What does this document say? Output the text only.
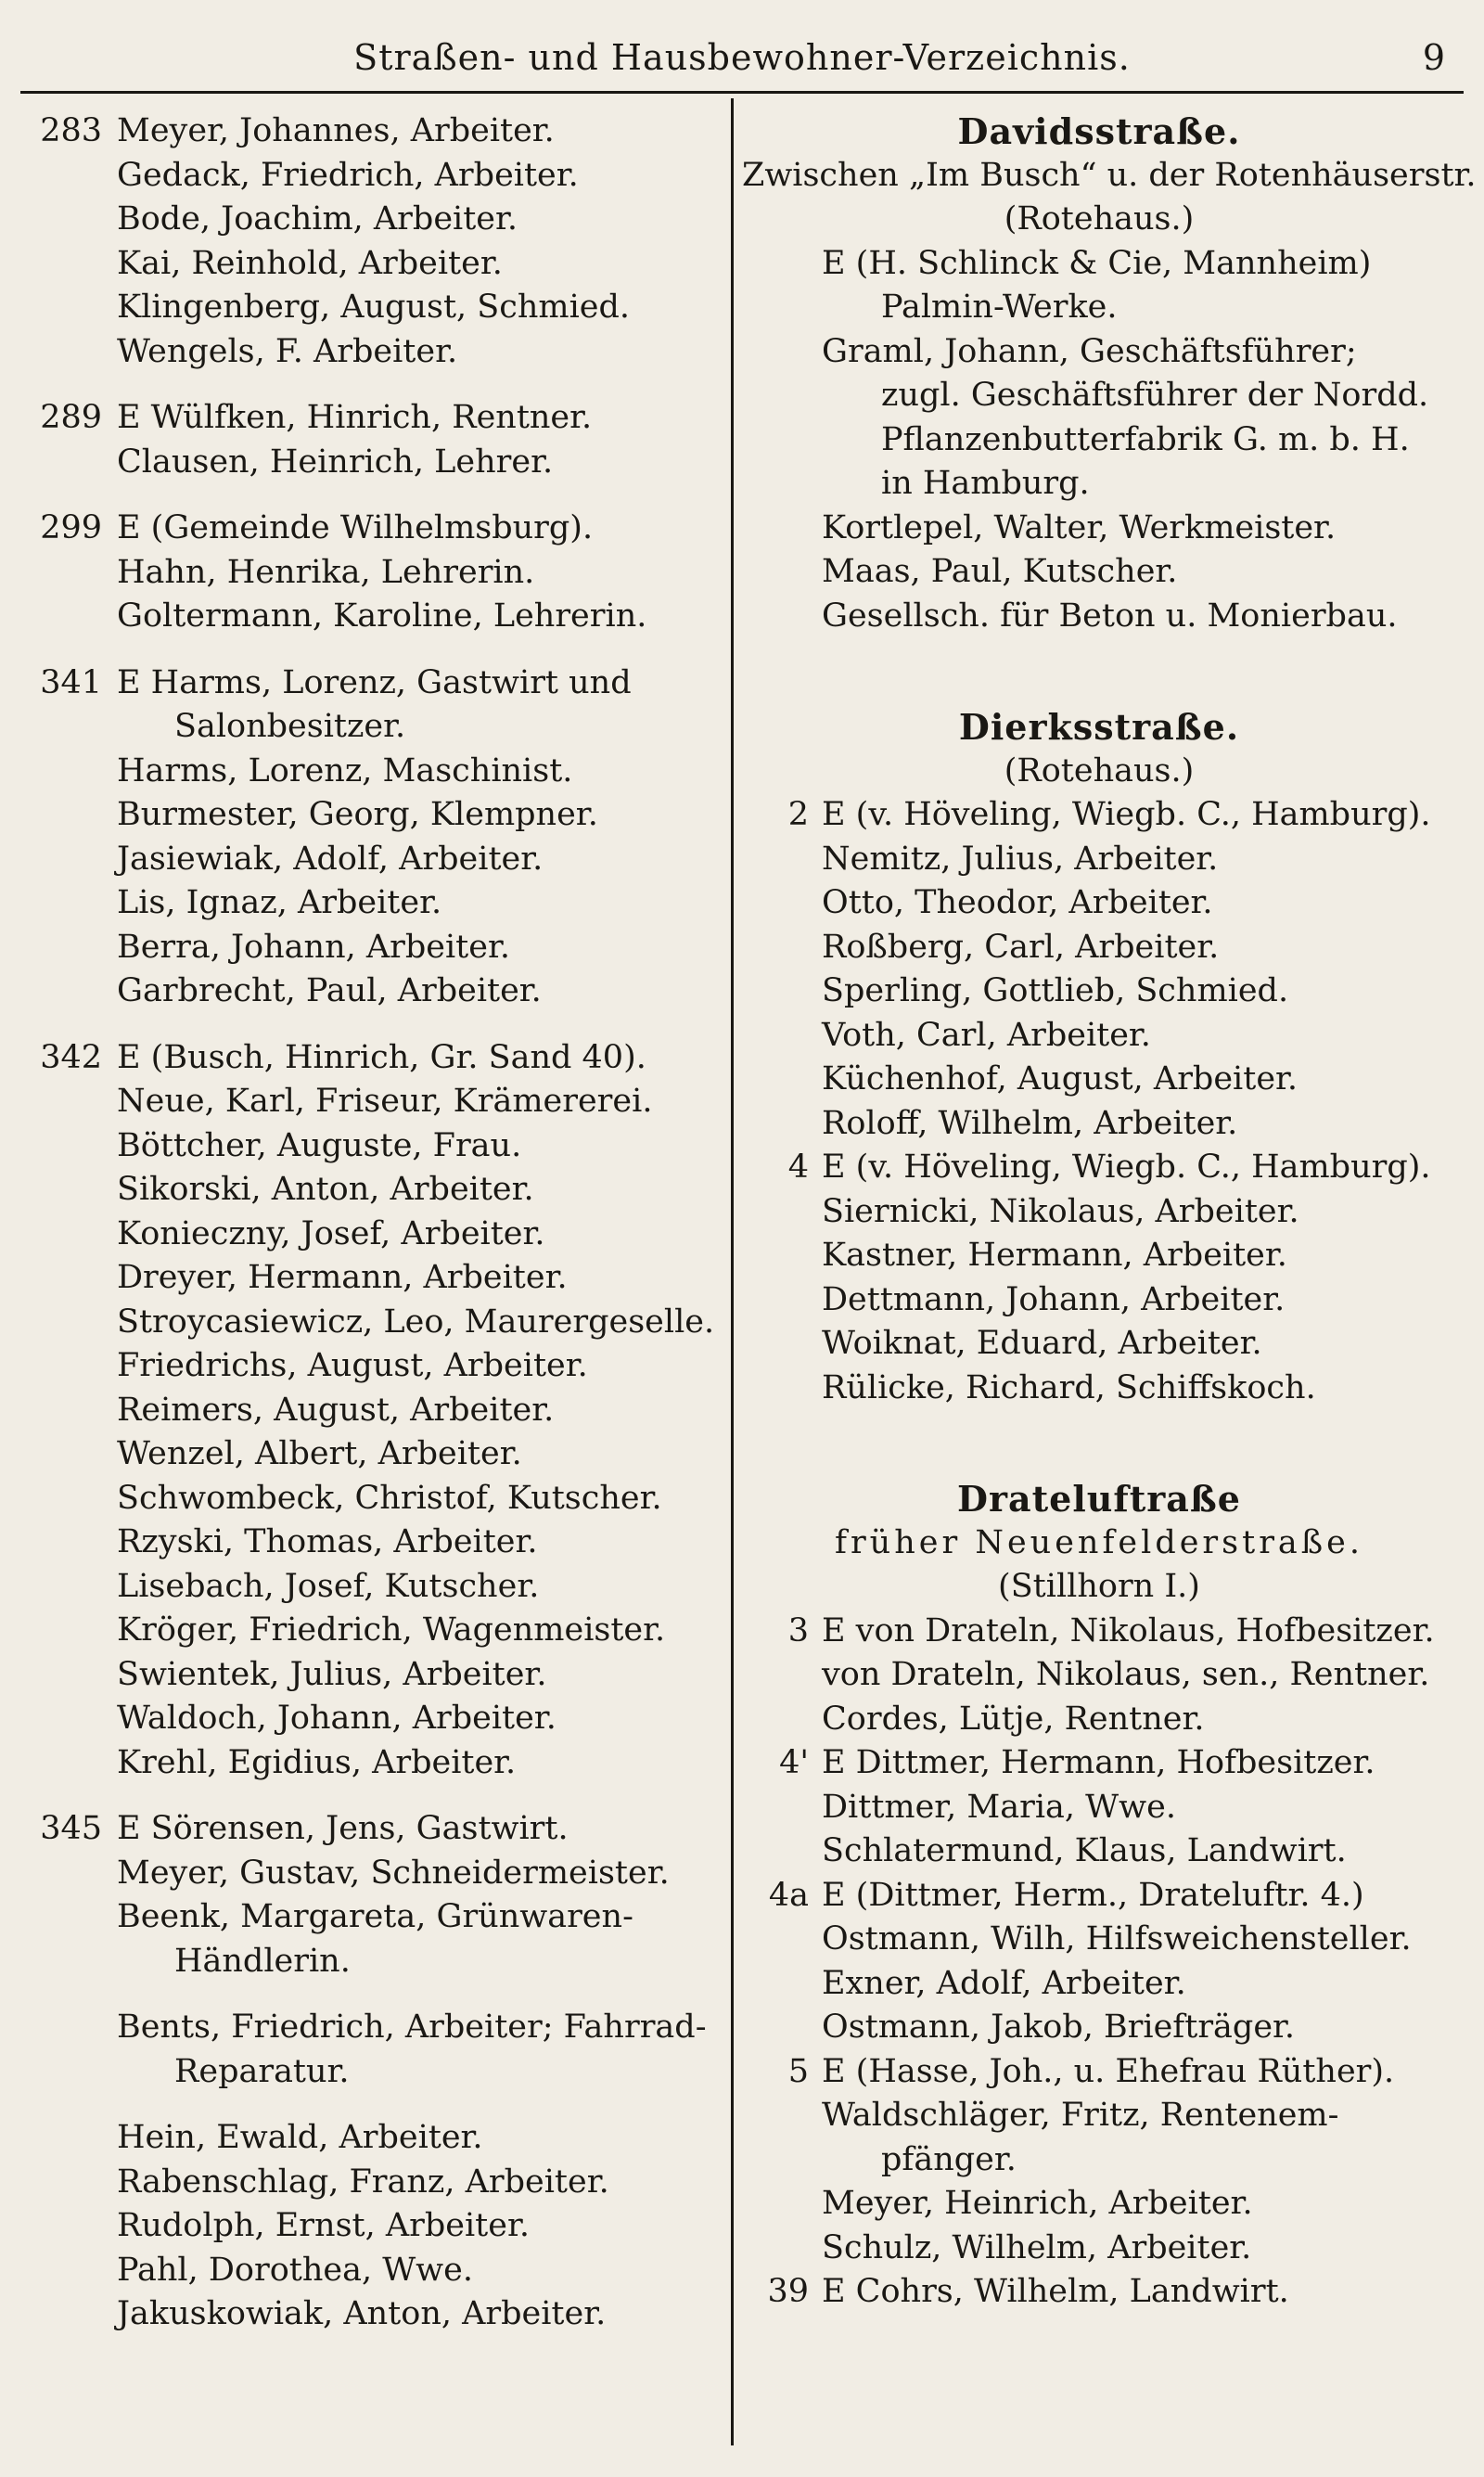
Straßen- und Hausbewohner-Verzeichnis.	9
283 Meyer, Johannes, Arbeiter.
Gedack, Friedrich, Arbeiter.
Bode, Joachim, Arbeiter.
Kai, Reinhold, Arbeiter.
Klingenberg, August, Schmied.
Wengels, F. Arbeiter.
289 E Wülfken, Hinrich, Rentner.
Clausen, Heinrich, Lehrer.
299 E (Gemeinde Wilhelmsburg).
Hahn, Henrika, Lehrerin.
Goltermann, Karoline, Lehrerin.
341 E Harms, Lorenz, Gastwirt und
Salonbesitzer.
Harms, Lorenz, Maschinist.
Burmester, Georg, Klempner.
Jasiewiak, Adolf, Arbeiter.
Lis, Ignaz, Arbeiter.
Berra, Johann, Arbeiter.
Garbrecht, Paul, Arbeiter.
342 E (Busch, Hinrich, Gr. Sand 40).
Neue, Karl, Friseur, Krämererei.
Böttcher, Auguste, Frau.
Sikorski, Anton, Arbeiter.
Konieczny, Josef, Arbeiter.
Dreyer, Hermann, Arbeiter.
Stroycasiewicz, Leo, Maurergeselle.
Friedrichs, August, Arbeiter.
Reimers, August, Arbeiter.
Wenzel, Albert, Arbeiter.
Schwombeck, Christof, Kutscher.
Rzyski, Thomas, Arbeiter.
Lisebach, Josef, Kutscher.
Kröger, Friedrich, Wagenmeister.
Swientek, Julius, Arbeiter.
Waldoch, Johann, Arbeiter.
Krehl, Egidius, Arbeiter.
345 E Sörensen, Jens, Gastwirt.
Meyer, Gustav, Schneidermeister.
Beenk, Margareta, Grünwaren-
Händlerin.
Bents, Friedrich, Arbeiter; Fahrrad-
Reparatur.
Hein, Ewald, Arbeiter.
Rabenschlag, Franz, Arbeiter.
Rudolph, Ernst, Arbeiter.
Pahl, Dorothea, Wwe.
Jakuskowiak, Anton, Arbeiter.
Davidsstraße.
Zwischen „Im Busch“ u. der Rotenhäuserstr.
(Rotehaus.)
E (H. Schlinck & Cie, Mannheim)
Palmin-Werke.
Graml, Johann, Geschäftsführer;
zugl. Geschäftsführer der Nordd.
Pflanzenbutterfabrik G. m. b. H.
in Hamburg.
Kortlepel, Walter, Werkmeister.
Maas, Paul, Kutscher.
Gesellsch. für Beton u. Monierbau.
Dierksstraße.
(Rotehaus.)
2 E (v. Höveling, Wiegb. C., Hamburg).
Nemitz, Julius, Arbeiter.
Otto, Theodor, Arbeiter.
Roßberg, Carl, Arbeiter.
Sperling, Gottlieb, Schmied.
Voth, Carl, Arbeiter.
Küchenhof, August, Arbeiter.
Roloff, Wilhelm, Arbeiter.
4 E (v. Höveling, Wiegb. C., Hamburg).
Siernicki, Nikolaus, Arbeiter.
Kastner, Hermann, Arbeiter.
Dettmann, Johann, Arbeiter.
Woiknat, Eduard, Arbeiter.
Rülicke, Richard, Schiffskoch.
Drateluftraße
früher Neuenfelderstraße.
(Stillhorn I.)
3 E von Drateln, Nikolaus, Hofbesitzer.
von Drateln, Nikolaus, sen., Rentner.
Cordes, Lütje, Rentner.
4' E Dittmer, Hermann, Hofbesitzer.
Dittmer, Maria, Wwe.
Schlatermund, Klaus, Landwirt.
4a E (Dittmer, Herm., Drateluftr. 4.)
Ostmann, Wilh, Hilfsweichensteller.
Exner, Adolf, Arbeiter.
Ostmann, Jakob, Briefträger.
5 E (Hasse, Joh., u. Ehefrau Rüther).
Waldschläger, Fritz, Rentenem-
pfänger.
Meyer, Heinrich, Arbeiter.
Schulz, Wilhelm, Arbeiter.
39 E Cohrs, Wilhelm, Landwirt.
